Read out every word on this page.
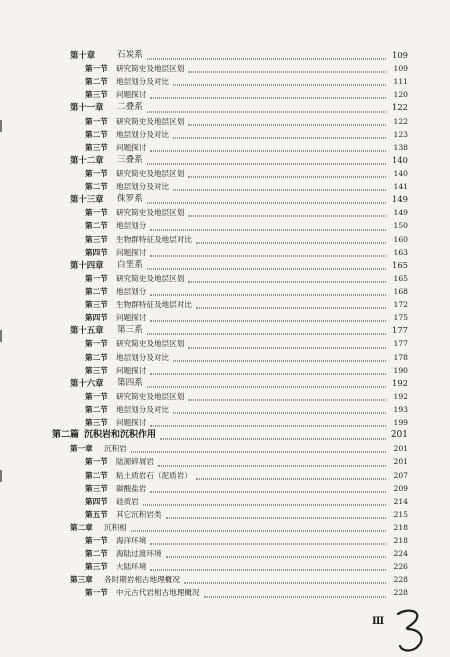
第十章	石炭系	109
第一节 研究简史及地层区划	109
第二节 地层划分及对比	111
第三节 问题探讨	120
第十一章 二叠系	122
第一节 研究简史及地层区划	122
第二节 地层划分及对比	123
第三节 问题探讨	138
第十二章 三叠系	140
第一节 研究简史及地层区划	140
第二节 地层划分及对比	141
第十三章 侏罗系	149
第一节 研究简史及地层区划	149
第二节 地层划分	150
第三节 生物群特征及地层对比	160
第四节 问题探讨	163
第十四章 白垩系	165
第一节 研究简史及地层区划	165
第二节 地层划分	168
第三节 生物群特征及地层对比	172
第四节 问题探讨	175
第十五章 第三系	177
第一节 研究简史及地层区划	177
第二节 地层划分及对比	178
第三节 问题探讨	190
第十六章 第四系	192
第一节 研究简史及地层区划	192
第二节 地层划分及对比	193
第三节 问题探讨	199
第二篇 沉积岩和沉积作用	201
第一章 沉积岩	201
第一节 陆源碎屑岩	201
第二节 粘土质岩石（泥质岩）	207
第三节 碳酸盐岩	209
第四节 硅质岩	214
第五节 其它沉积岩类	215
第二章 沉积相	218
第一节 海洋环境	218
第二节 海陆过渡环境	224
第三节 大陆环境	226
第三章 各时期岩相古地理概况	228
第一节 中元古代岩相古地理概况	228
Ⅲ
